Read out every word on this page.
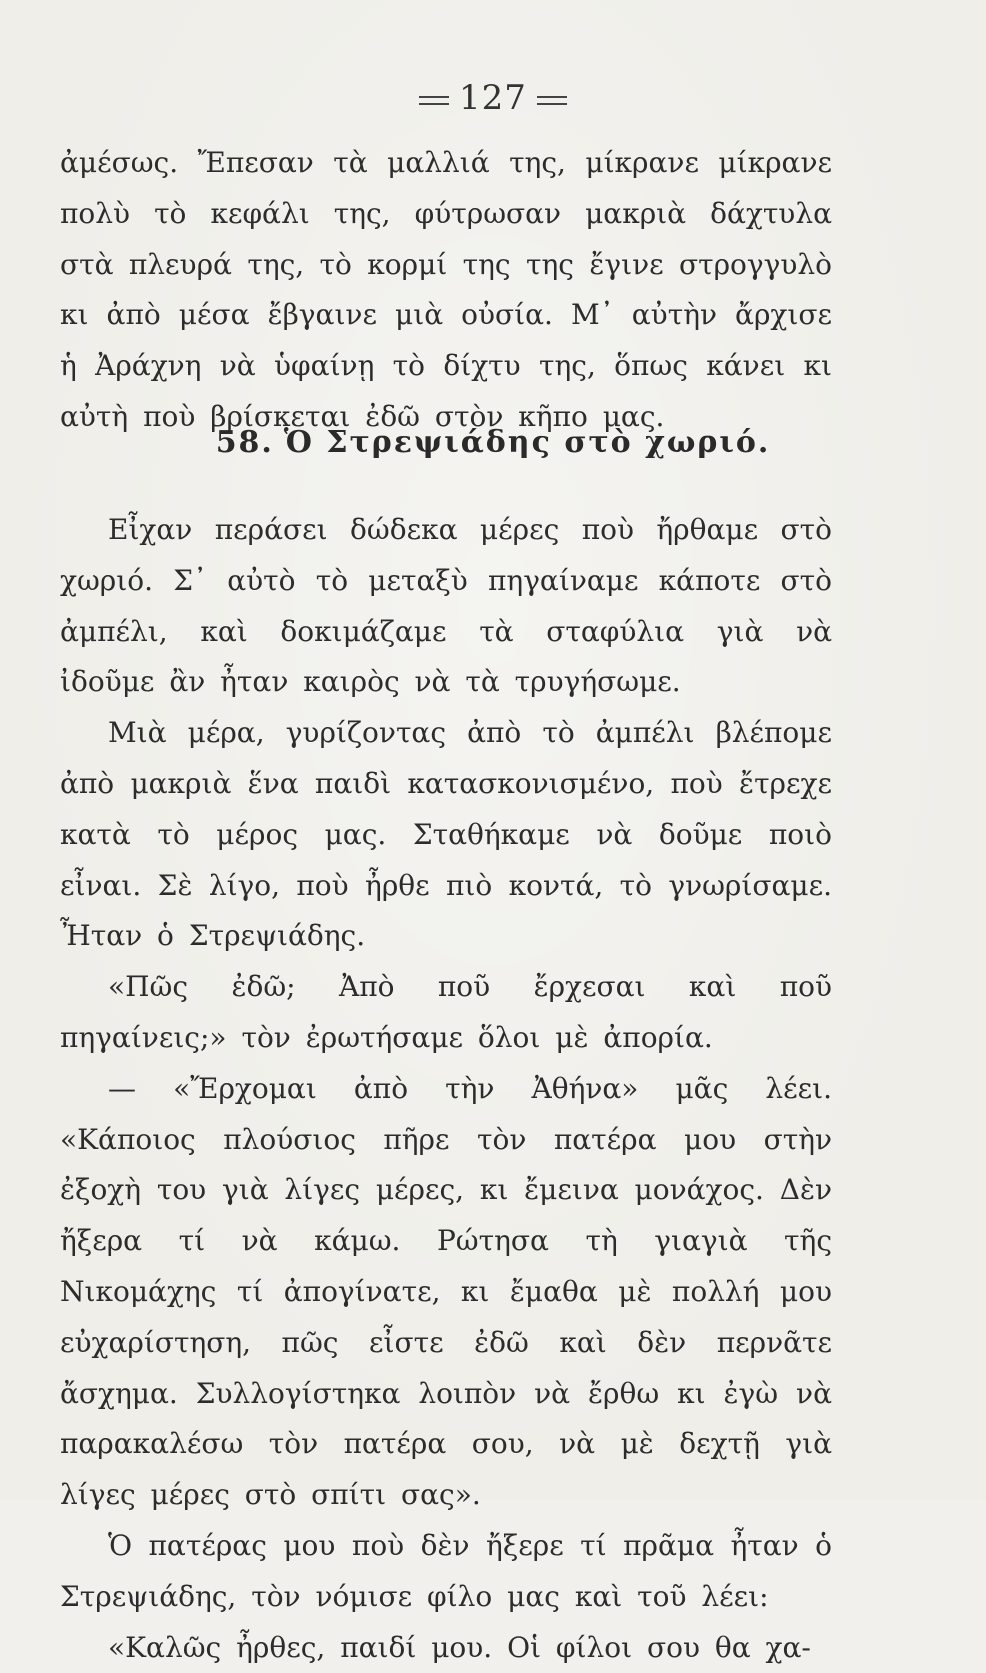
127

ἀμέσως. Ἔπεσαν τὰ μαλλιά της, μίκρανε μίκρανε πολὺ τὸ κεφάλι της, φύτρωσαν μακριὰ δάχτυλα στὰ πλευρά της, τὸ κορμί της της ἔγινε στρογγυλὸ κι ἀπὸ μέσα ἔβγαινε μιὰ οὐσία. Μ᾿ αὐτὴν ἄρχισε ἡ Ἀράχνη νὰ ὑφαίνῃ τὸ δίχτυ της, ὅπως κάνει κι αὐτὴ ποὺ βρίσκεται ἐδῶ στὸν κῆπο μας.

58. Ὁ Στρεψιάδης στὸ χωριό.

Εἶχαν περάσει δώδεκα μέρες ποὺ ἤρθαμε στὸ χωριό. Σ᾿ αὐτὸ τὸ μεταξὺ πηγαίναμε κάποτε στὸ ἀμπέλι, καὶ δοκιμάζαμε τὰ σταφύλια γιὰ νὰ ἰδοῦμε ἂν ἦταν καιρὸς νὰ τὰ τρυγήσωμε.

Μιὰ μέρα, γυρίζοντας ἀπὸ τὸ ἀμπέλι βλέπομε ἀπὸ μακριὰ ἕνα παιδὶ κατασκονισμένο, ποὺ ἔτρεχε κατὰ τὸ μέρος μας. Σταθήκαμε νὰ δοῦμε ποιὸ εἶναι. Σὲ λίγο, ποὺ ἦρθε πιὸ κοντά, τὸ γνωρίσαμε. Ἦταν ὁ Στρεψιάδης.

«Πῶς ἐδῶ; Ἀπὸ ποῦ ἔρχεσαι καὶ ποῦ πηγαίνεις;» τὸν ἐρωτήσαμε ὅλοι μὲ ἀπορία.

— «Ἔρχομαι ἀπὸ τὴν Ἀθήνα» μᾶς λέει. «Κάποιος πλούσιος πῆρε τὸν πατέρα μου στὴν ἐξοχὴ του γιὰ λίγες μέρες, κι ἔμεινα μονάχος. Δὲν ἤξερα τί νὰ κάμω. Ρώτησα τὴ γιαγιὰ τῆς Νικομάχης τί ἀπογίνατε, κι ἔμαθα μὲ πολλή μου εὐχαρίστηση, πῶς εἶστε ἐδῶ καὶ δὲν περνᾶτε ἄσχημα. Συλλογίστηκα λοιπὸν νὰ ἔρθω κι ἐγὼ νὰ παρακαλέσω τὸν πατέρα σου, νὰ μὲ δεχτῇ γιὰ λίγες μέρες στὸ σπίτι σας».

Ὁ πατέρας μου ποὺ δὲν ἤξερε τί πρᾶμα ἦταν ὁ Στρεψιάδης, τὸν νόμισε φίλο μας καὶ τοῦ λέει:

«Καλῶς ἦρθες, παιδί μου. Οἱ φίλοι σου θα χα-
